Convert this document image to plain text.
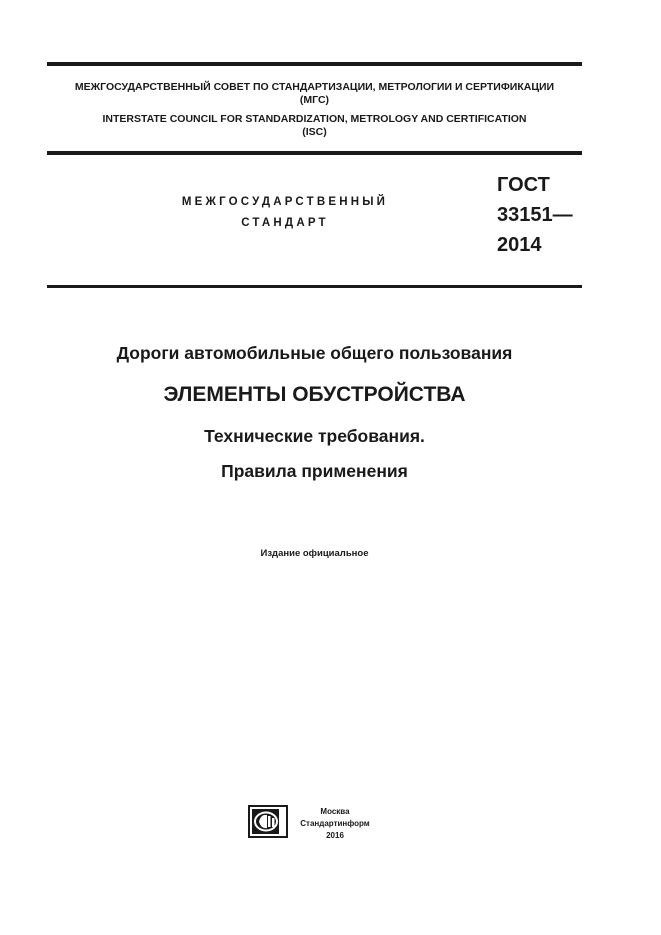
МЕЖГОСУДАРСТВЕННЫЙ СОВЕТ ПО СТАНДАРТИЗАЦИИ, МЕТРОЛОГИИ И СЕРТИФИКАЦИИ
(МГС)
INTERSTATE COUNCIL FOR STANDARDIZATION, METROLOGY AND CERTIFICATION
(ISC)
МЕЖГОСУДАРСТВЕННЫЙ
СТАНДАРТ
ГОСТ
33151—
2014
Дороги автомобильные общего пользования
ЭЛЕМЕНТЫ ОБУСТРОЙСТВА
Технические требования.
Правила применения
Издание официальное
Москва
Стандартинформ
2016
